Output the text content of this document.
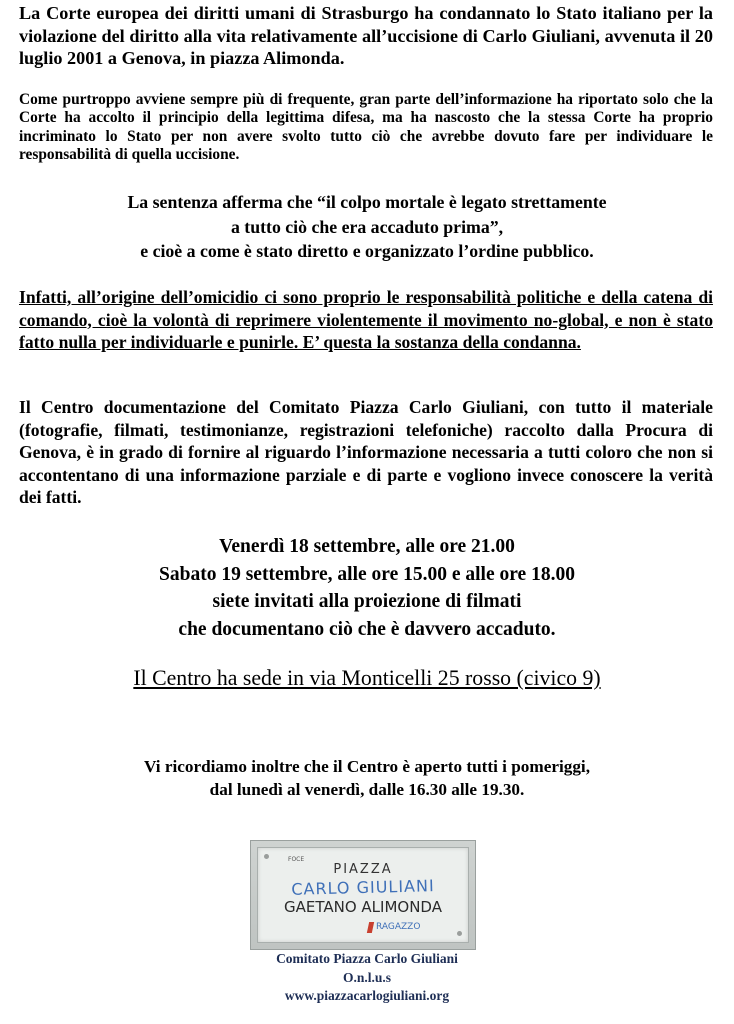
La Corte europea dei diritti umani di Strasburgo ha condannato lo Stato italiano per la violazione del diritto alla vita relativamente all’uccisione di Carlo Giuliani, avvenuta il 20 luglio 2001 a Genova, in piazza Alimonda.

Come purtroppo avviene sempre più di frequente, gran parte dell’informazione ha riportato solo che la Corte ha accolto il principio della legittima difesa, ma ha nascosto che la stessa Corte ha proprio incriminato lo Stato per non avere svolto tutto ciò che avrebbe dovuto fare per individuare le responsabilità di quella uccisione.

La sentenza afferma che “il colpo mortale è legato strettamente
a tutto ciò che era accaduto prima”,
e cioè a come è stato diretto e organizzato l’ordine pubblico.

Infatti, all’origine dell’omicidio ci sono proprio le responsabilità politiche e della catena di comando, cioè la volontà di reprimere violentemente il movimento no-global, e non è stato fatto nulla per individuarle e punirle. E’ questa la sostanza della condanna.

Il Centro documentazione del Comitato Piazza Carlo Giuliani, con tutto il materiale (fotografie, filmati, testimonianze, registrazioni telefoniche) raccolto dalla Procura di Genova, è in grado di fornire al riguardo l’informazione necessaria a tutti coloro che non si accontentano di una informazione parziale e di parte e vogliono invece conoscere la verità dei fatti.

Venerdì 18 settembre, alle ore 21.00
Sabato 19 settembre, alle ore 15.00 e alle ore 18.00
siete invitati alla proiezione di filmati
che documentano ciò che è davvero accaduto.

Il Centro ha sede in via Monticelli 25 rosso (civico 9)

Vi ricordiamo inoltre che il Centro è aperto tutti i pomeriggi,
dal lunedì al venerdì, dalle 16.30 alle 19.30.

FOCE
PIAZZA
CARLO GIULIANI
GAETANO ALIMONDA
RAGAZZO

Comitato Piazza Carlo Giuliani
O.n.l.u.s
www.piazzacarlogiuliani.org
